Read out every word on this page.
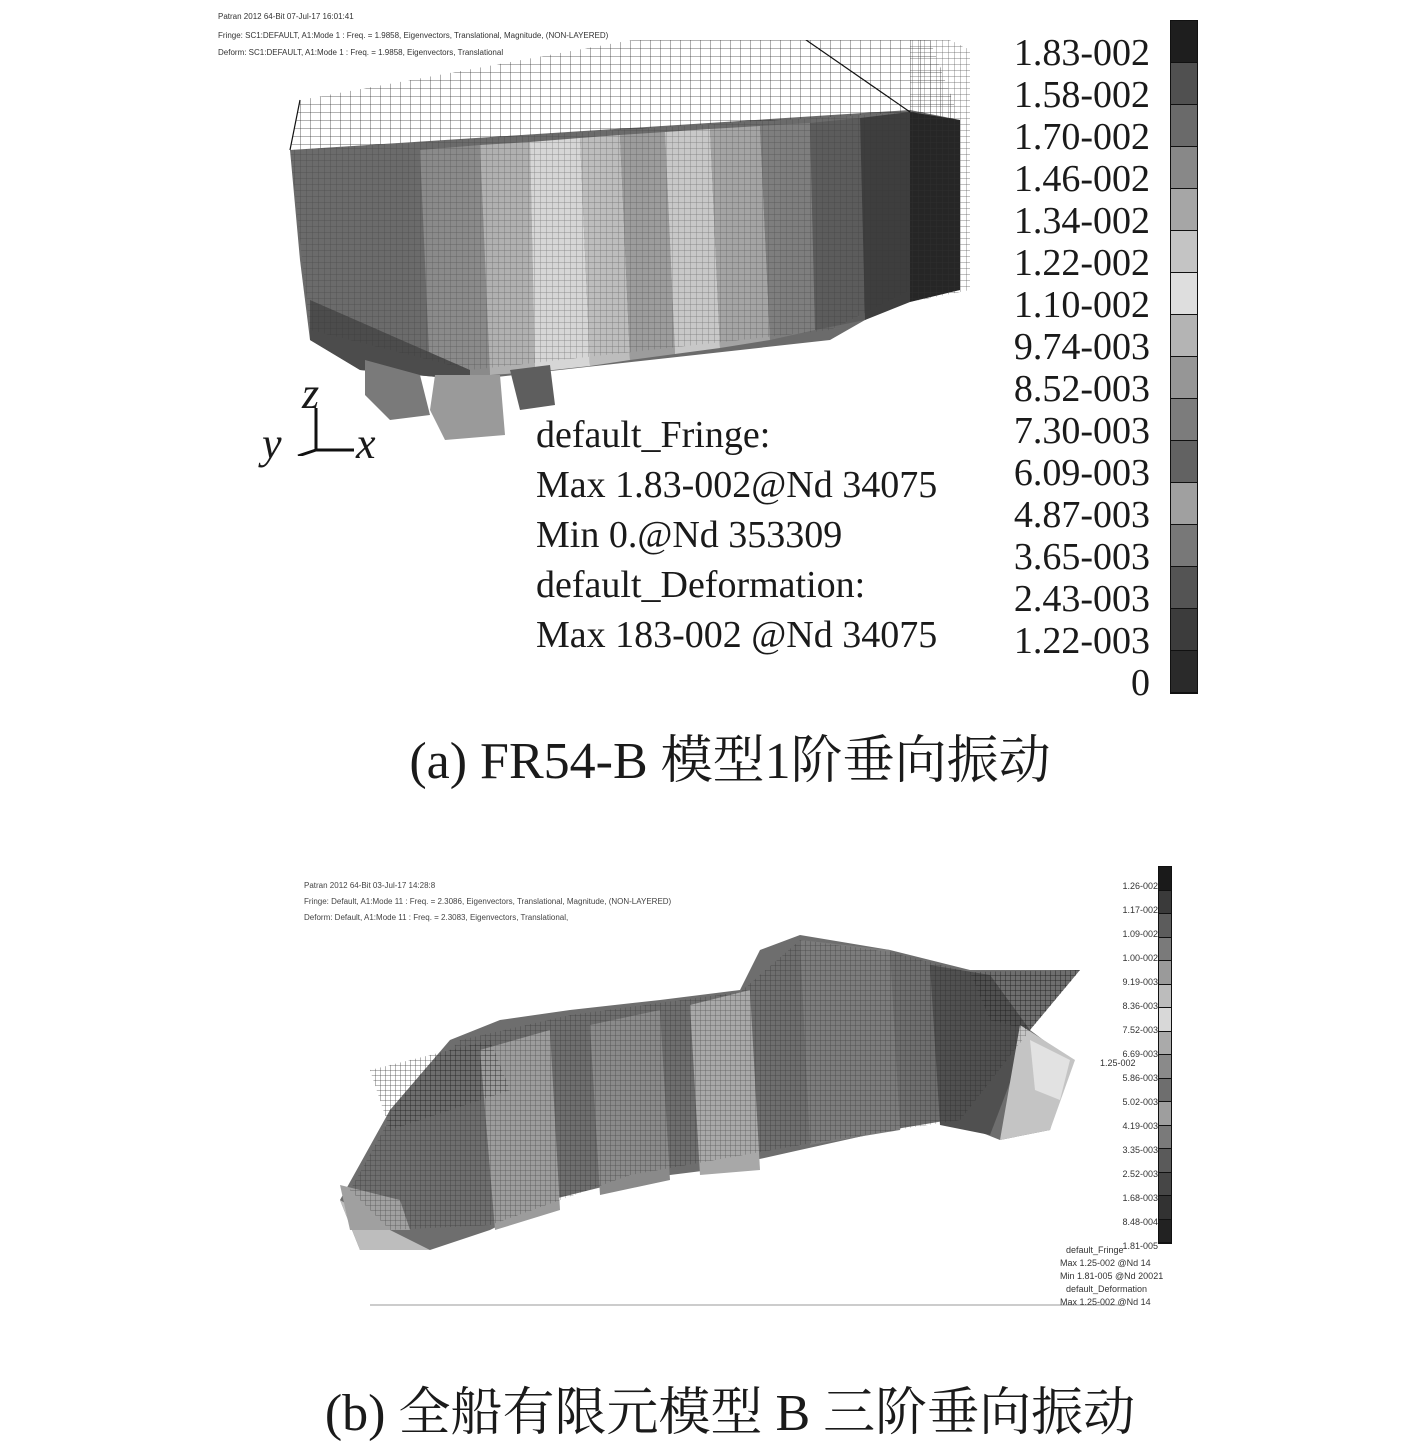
Patran 2012 64-Bit 07-Jul-17 16:01:41
Fringe: SC1:DEFAULT, A1:Mode 1 : Freq. = 1.9858, Eigenvectors, Translational, Magnitude, (NON-LAYERED)
Deform: SC1:DEFAULT, A1:Mode 1 : Freq. = 1.9858, Eigenvectors, Translational
z
y x	default_Fringe:
Max 1.83-002@Nd 34075
Min 0.@Nd 353309
default_Deformation:
Max 183-002 @Nd 34075
1.83-002
1.58-002
1.70-002
1.46-002
1.34-002
1.22-002
1.10-002
9.74-003
8.52-003
7.30-003
6.09-003
4.87-003
3.65-003
2.43-003
1.22-003
0
(a) FR54-B 模型1阶垂向振动
Patran 2012 64-Bit 03-Jul-17 14:28:8
Fringe: Default, A1:Mode 11 : Freq. = 2.3086, Eigenvectors, Translational, Magnitude, (NON-LAYERED)
Deform: Default, A1:Mode 11 : Freq. = 2.3083, Eigenvectors, Translational,
1.25-002
1.26-002
1.17-002
1.09-002
1.00-002
9.19-003
8.36-003
7.52-003
6.69-003
5.86-003
5.02-003
4.19-003
3.35-003
2.52-003
1.68-003
8.48-004
1.81-005
default_Fringe
Max 1.25-002 @Nd 14
Min 1.81-005 @Nd 20021
default_Deformation
Max 1.25-002 @Nd 14
(b) 全船有限元模型 B 三阶垂向振动
